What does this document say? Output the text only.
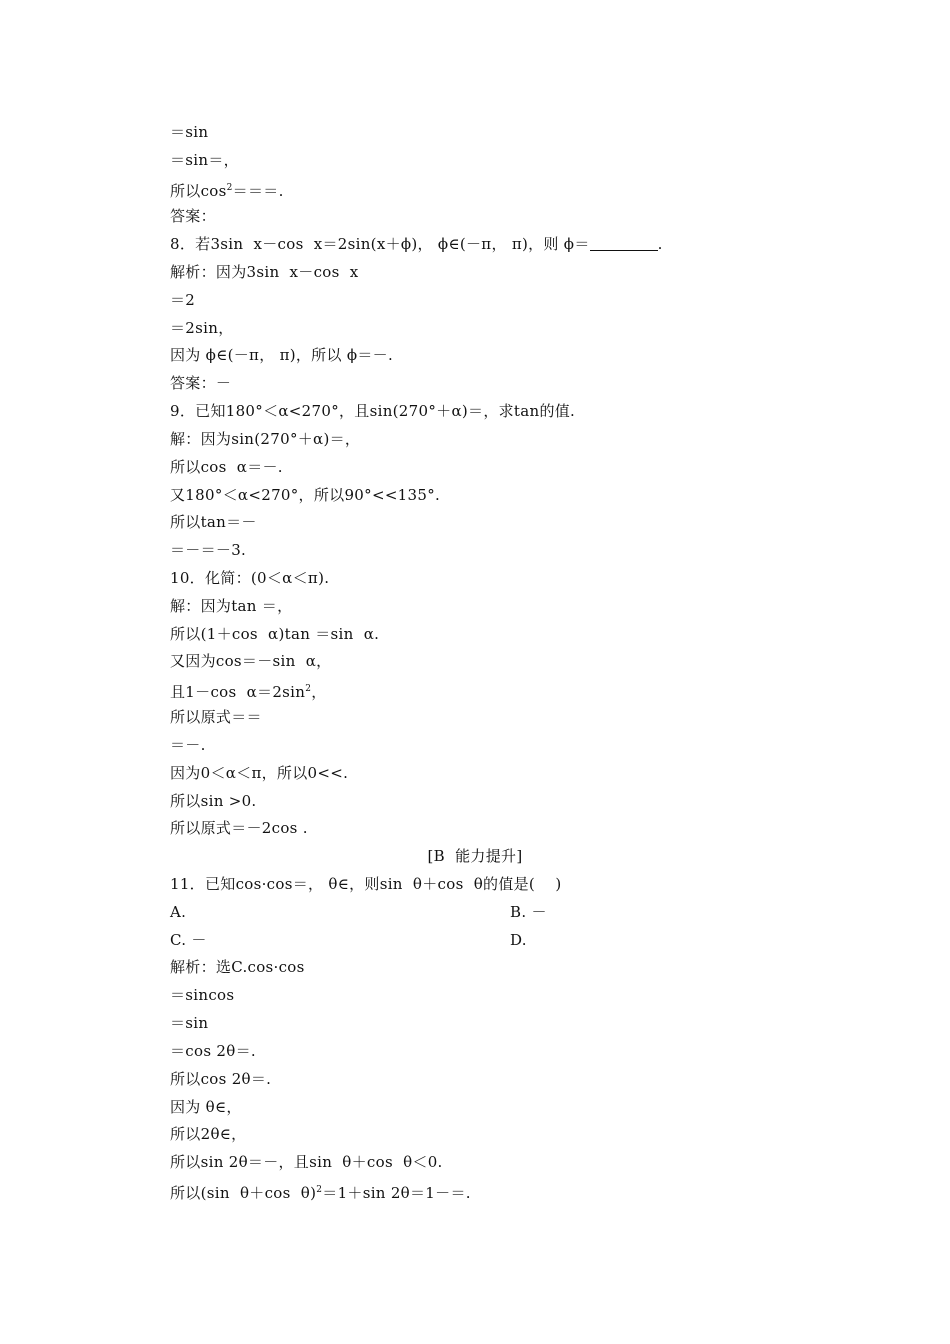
＝sin
＝sin＝，
所以$\cos^2===$.
答案：
8．若3sin  x－cos  x＝2sin(x＋ϕ)， ϕ∈(－π， π)，则 ϕ＝	.
解析：因为3sin  x－cos  x
＝2
＝2sin，
因为 ϕ∈(－π， π)，所以 ϕ＝－.
答案：－
9．已知180°＜α<270°，且sin(270°＋α)＝，求tan的值.
解：因为sin(270°＋α)＝，
所以cos  α＝－.
又180°＜α<270°，所以90°<<135°.
所以tan＝－
＝－＝－3.
10．化简：(0＜α＜π).
解：因为tan ＝，
所以(1＋cos  α)tan ＝sin  α.
又因为cos＝－sin  α，
且1－cos  $\alpha=2\sin^2$，
所以原式＝＝
＝－.
因为0＜α＜π，所以0<<.
所以sin >0.
所以原式＝－2cos .
[B  能力提升]
11．已知cos·cos＝， θ∈，则sin  θ＋cos  θ的值是(    )
A.	B. －
C. －	D.
解析：选C.cos·cos
＝sincos
＝sin
＝cos 2θ＝.
所以cos 2θ＝.
因为 θ∈，
所以2θ∈，
所以sin 2θ＝－，且sin  θ＋cos  θ＜0.
所以(sin  θ＋cos  θ)$^2$＝1＋sin 2θ＝1－＝.
